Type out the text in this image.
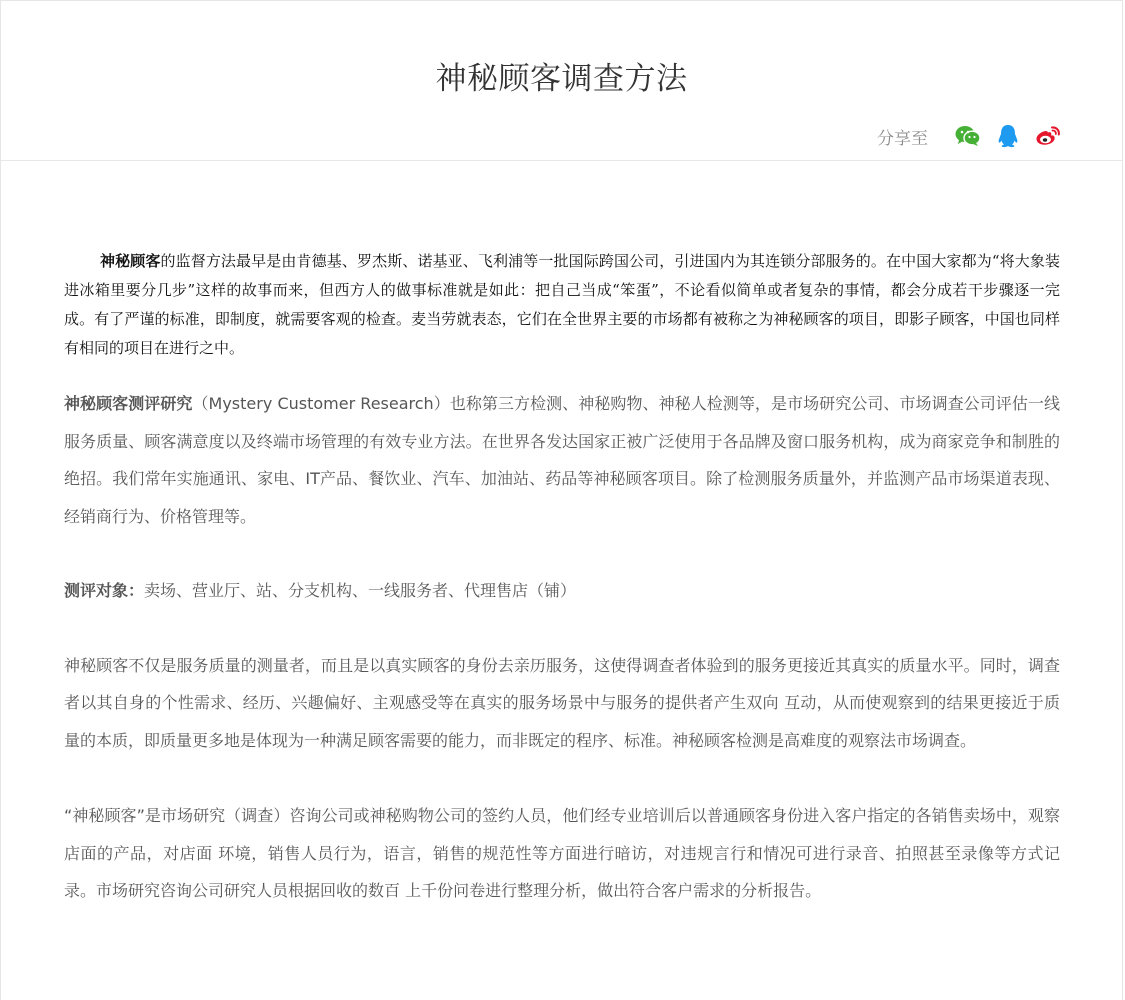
神秘顾客调查方法
分享至

神秘顾客的监督方法最早是由肯德基、罗杰斯、诺基亚、飞利浦等一批国际跨国公司，引进国内为其连锁分部服务的。在中国大家都为“将大象装进冰箱里要分几步”这样的故事而来，但西方人的做事标准就是如此：把自己当成“笨蛋”，不论看似简单或者复杂的事情，都会分成若干步骤逐一完成。有了严谨的标准，即制度，就需要客观的检查。麦当劳就表态，它们在全世界主要的市场都有被称之为神秘顾客的项目，即影子顾客，中国也同样有相同的项目在进行之中。

神秘顾客测评研究（Mystery Customer Research）也称第三方检测、神秘购物、神秘人检测等，是市场研究公司、市场调查公司评估一线服务质量、顾客满意度以及终端市场管理的有效专业方法。在世界各发达国家正被广泛使用于各品牌及窗口服务机构，成为商家竞争和制胜的绝招。我们常年实施通讯、家电、IT产品、餐饮业、汽车、加油站、药品等神秘顾客项目。除了检测服务质量外，并监测产品市场渠道表现、经销商行为、价格管理等。

测评对象：卖场、营业厅、站、分支机构、一线服务者、代理售店（铺）

神秘顾客不仅是服务质量的测量者，而且是以真实顾客的身份去亲历服务，这使得调查者体验到的服务更接近其真实的质量水平。同时，调查者以其自身的个性需求、经历、兴趣偏好、主观感受等在真实的服务场景中与服务的提供者产生双向 互动，从而使观察到的结果更接近于质量的本质，即质量更多地是体现为一种满足顾客需要的能力，而非既定的程序、标准。神秘顾客检测是高难度的观察法市场调查。

“神秘顾客”是市场研究（调查）咨询公司或神秘购物公司的签约人员，他们经专业培训后以普通顾客身份进入客户指定的各销售卖场中，观察店面的产品，对店面 环境，销售人员行为，语言，销售的规范性等方面进行暗访，对违规言行和情况可进行录音、拍照甚至录像等方式记录。市场研究咨询公司研究人员根据回收的数百 上千份问卷进行整理分析，做出符合客户需求的分析报告。
